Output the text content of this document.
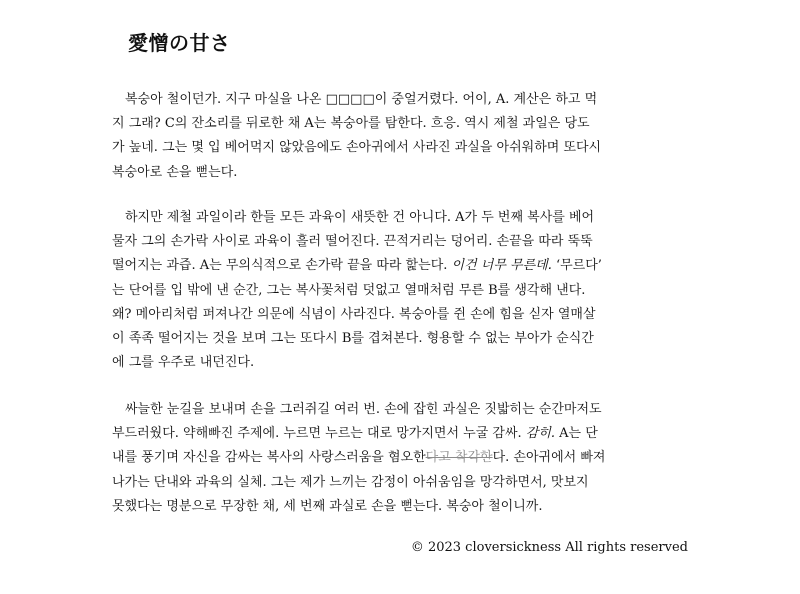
愛憎の甘さ

복숭아 철이던가. 지구 마실을 나온 □□□□이 중얼거렸다. 어이, A. 계산은 하고 먹
지 그래? C의 잔소리를 뒤로한 채 A는 복숭아를 탐한다. 흐응. 역시 제철 과일은 당도
가 높네. 그는 몇 입 베어먹지 않았음에도 손아귀에서 사라진 과실을 아쉬워하며 또다시
복숭아로 손을 뻗는다.

하지만 제철 과일이라 한들 모든 과육이 새뜻한 건 아니다. A가 두 번째 복사를 베어
물자 그의 손가락 사이로 과육이 흘러 떨어진다. 끈적거리는 덩어리. 손끝을 따라 뚝뚝
떨어지는 과즙. A는 무의식적으로 손가락 끝을 따라 핥는다. 이건 너무 무른데. ‘무르다’
는 단어를 입 밖에 낸 순간, 그는 복사꽃처럼 덧없고 열매처럼 무른 B를 생각해 낸다.
왜? 메아리처럼 퍼져나간 의문에 식념이 사라진다. 복숭아를 쥔 손에 힘을 싣자 열매살
이 족족 떨어지는 것을 보며 그는 또다시 B를 겹쳐본다. 형용할 수 없는 부아가 순식간
에 그를 우주로 내던진다.

싸늘한 눈길을 보내며 손을 그러쥐길 여러 번. 손에 잡힌 과실은 짓밟히는 순간마저도
부드러웠다. 약해빠진 주제에. 누르면 누르는 대로 망가지면서 누굴 감싸. 감히. A는 단
내를 풍기며 자신을 감싸는 복사의 사랑스러움을 혐오한다고 착각한다. 손아귀에서 빠져
나가는 단내와 과육의 실체. 그는 제가 느끼는 감정이 아쉬움임을 망각하면서, 맛보지
못했다는 명분으로 무장한 채, 세 번째 과실로 손을 뻗는다. 복숭아 철이니까.

© 2023 cloversickness All rights reserved
